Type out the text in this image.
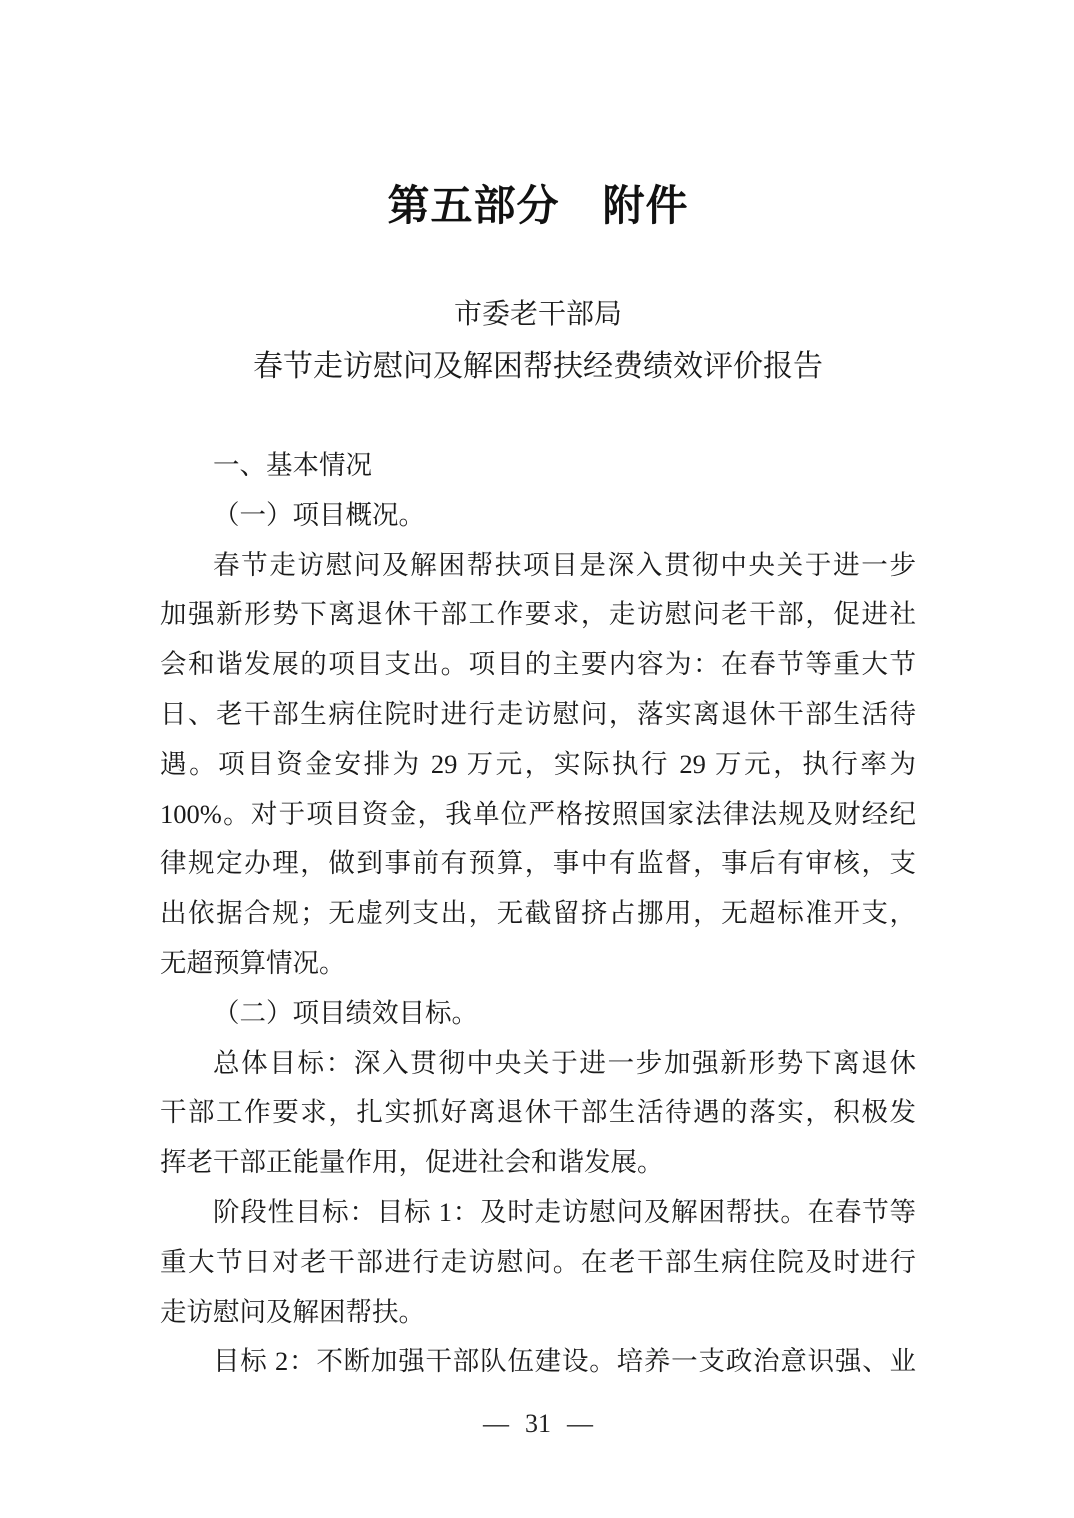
第五部分　附件
市委老干部局
春节走访慰问及解困帮扶经费绩效评价报告
一、基本情况
（一）项目概况。
春节走访慰问及解困帮扶项目是深入贯彻中央关于进一步
加强新形势下离退休干部工作要求，走访慰问老干部，促进社
会和谐发展的项目支出。项目的主要内容为：在春节等重大节
日、老干部生病住院时进行走访慰问，落实离退休干部生活待
遇。项目资金安排为 29 万元，实际执行 29 万元，执行率为
100%。对于项目资金，我单位严格按照国家法律法规及财经纪
律规定办理，做到事前有预算，事中有监督，事后有审核，支
出依据合规；无虚列支出，无截留挤占挪用，无超标准开支，
无超预算情况。
（二）项目绩效目标。
总体目标：深入贯彻中央关于进一步加强新形势下离退休
干部工作要求，扎实抓好离退休干部生活待遇的落实，积极发
挥老干部正能量作用，促进社会和谐发展。
阶段性目标：目标 1：及时走访慰问及解困帮扶。在春节等
重大节日对老干部进行走访慰问。在老干部生病住院及时进行
走访慰问及解困帮扶。
目标 2：不断加强干部队伍建设。培养一支政治意识强、业
— 31 —
